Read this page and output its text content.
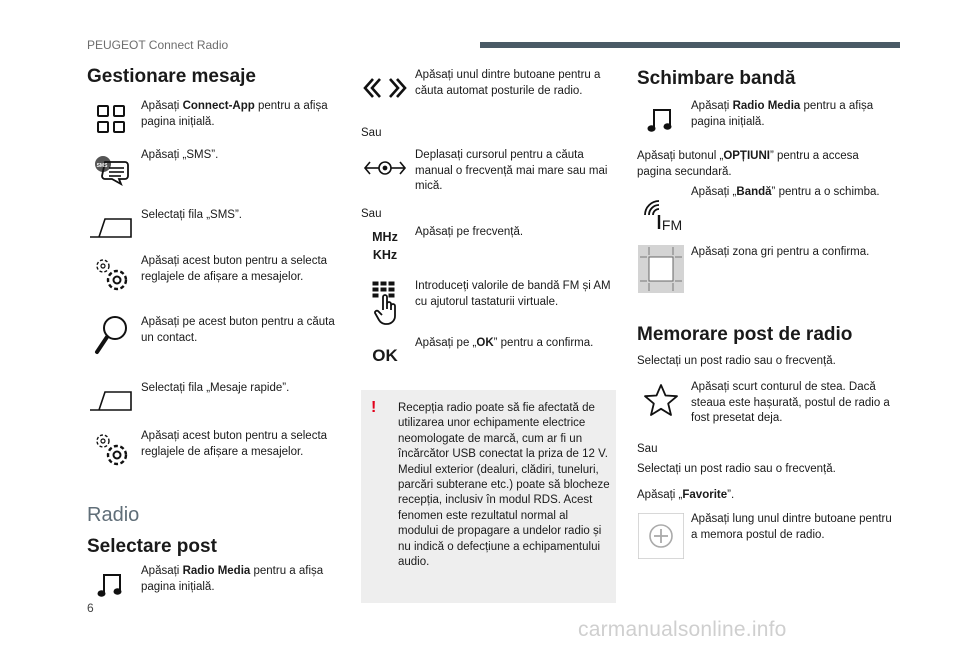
PEUGEOT Connect Radio
Gestionare mesaje
Apăsați Connect-App pentru a afișa pagina inițială.
SMS
Apăsați „SMS”.
Selectați fila „SMS”.
Apăsați acest buton pentru a selecta reglajele de afișare a mesajelor.
Apăsați pe acest buton pentru a căuta un contact.
Selectați fila „Mesaje rapide”.
Apăsați acest buton pentru a selecta reglajele de afișare a mesajelor.
Radio
Selectare post
Apăsați Radio Media pentru a afișa pagina inițială.
Apăsați unul dintre butoane pentru a căuta automat posturile de radio.
Sau
Deplasați cursorul pentru a căuta manual o frecvență mai mare sau mai mică.
Sau
MHz
KHz
Apăsați pe frecvență.
Introduceți valorile de bandă FM și AM cu ajutorul tastaturii virtuale.
OK
Apăsați pe „OK” pentru a confirma.
! Recepția radio poate să fie afectată de utilizarea unor echipamente electrice neomologate de marcă, cum ar fi un încărcător USB conectat la priza de 12 V. Mediul exterior (dealuri, clădiri, tuneluri, parcări subterane etc.) poate să blocheze recepția, inclusiv în modul RDS. Acest fenomen este rezultatul normal al modului de propagare a undelor radio și nu indică o defecțiune a echipamentului audio.
Schimbare bandă
Apăsați Radio Media pentru a afișa pagina inițială.
Apăsați butonul „OPȚIUNI” pentru a accesa pagina secundară.
FM
Apăsați „Bandă” pentru a o schimba.
Apăsați zona gri pentru a confirma.
Memorare post de radio
Selectați un post radio sau o frecvență.
Apăsați scurt conturul de stea. Dacă steaua este hașurată, postul de radio a fost presetat deja.
Sau
Selectați un post radio sau o frecvență.
Apăsați „Favorite”.
Apăsați lung unul dintre butoane pentru a memora postul de radio.
6
carmanualsonline.info
